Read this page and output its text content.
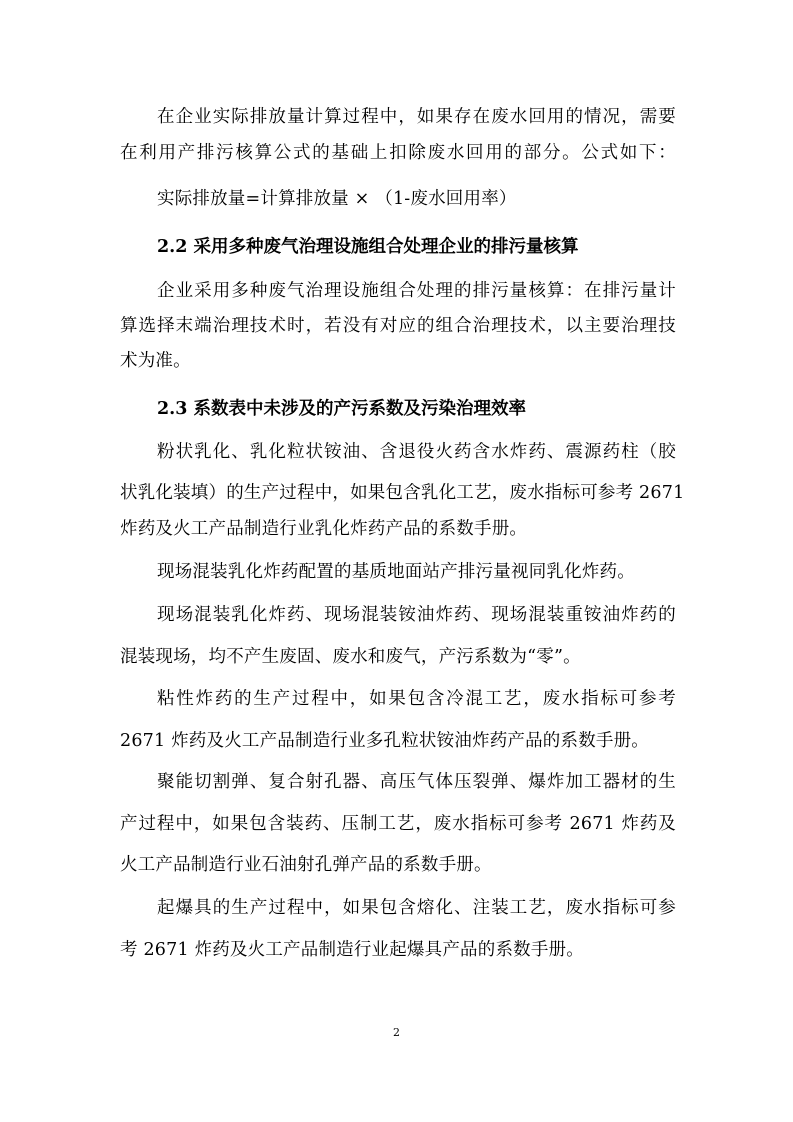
在企业实际排放量计算过程中，如果存在废水回用的情况，需要
在利用产排污核算公式的基础上扣除废水回用的部分。公式如下：
实际排放量=计算排放量 × （1-废水回用率）
2.2 采用多种废气治理设施组合处理企业的排污量核算
企业采用多种废气治理设施组合处理的排污量核算：在排污量计
算选择末端治理技术时，若没有对应的组合治理技术，以主要治理技
术为准。
2.3 系数表中未涉及的产污系数及污染治理效率
粉状乳化、乳化粒状铵油、含退役火药含水炸药、震源药柱（胶
状乳化装填）的生产过程中，如果包含乳化工艺，废水指标可参考 2671
炸药及火工产品制造行业乳化炸药产品的系数手册。
现场混装乳化炸药配置的基质地面站产排污量视同乳化炸药。
现场混装乳化炸药、现场混装铵油炸药、现场混装重铵油炸药的
混装现场，均不产生废固、废水和废气，产污系数为“零”。
粘性炸药的生产过程中，如果包含冷混工艺，废水指标可参考
2671 炸药及火工产品制造行业多孔粒状铵油炸药产品的系数手册。
聚能切割弹、复合射孔器、高压气体压裂弹、爆炸加工器材的生
产过程中，如果包含装药、压制工艺，废水指标可参考 2671 炸药及
火工产品制造行业石油射孔弹产品的系数手册。
起爆具的生产过程中，如果包含熔化、注装工艺，废水指标可参
考 2671 炸药及火工产品制造行业起爆具产品的系数手册。
2
